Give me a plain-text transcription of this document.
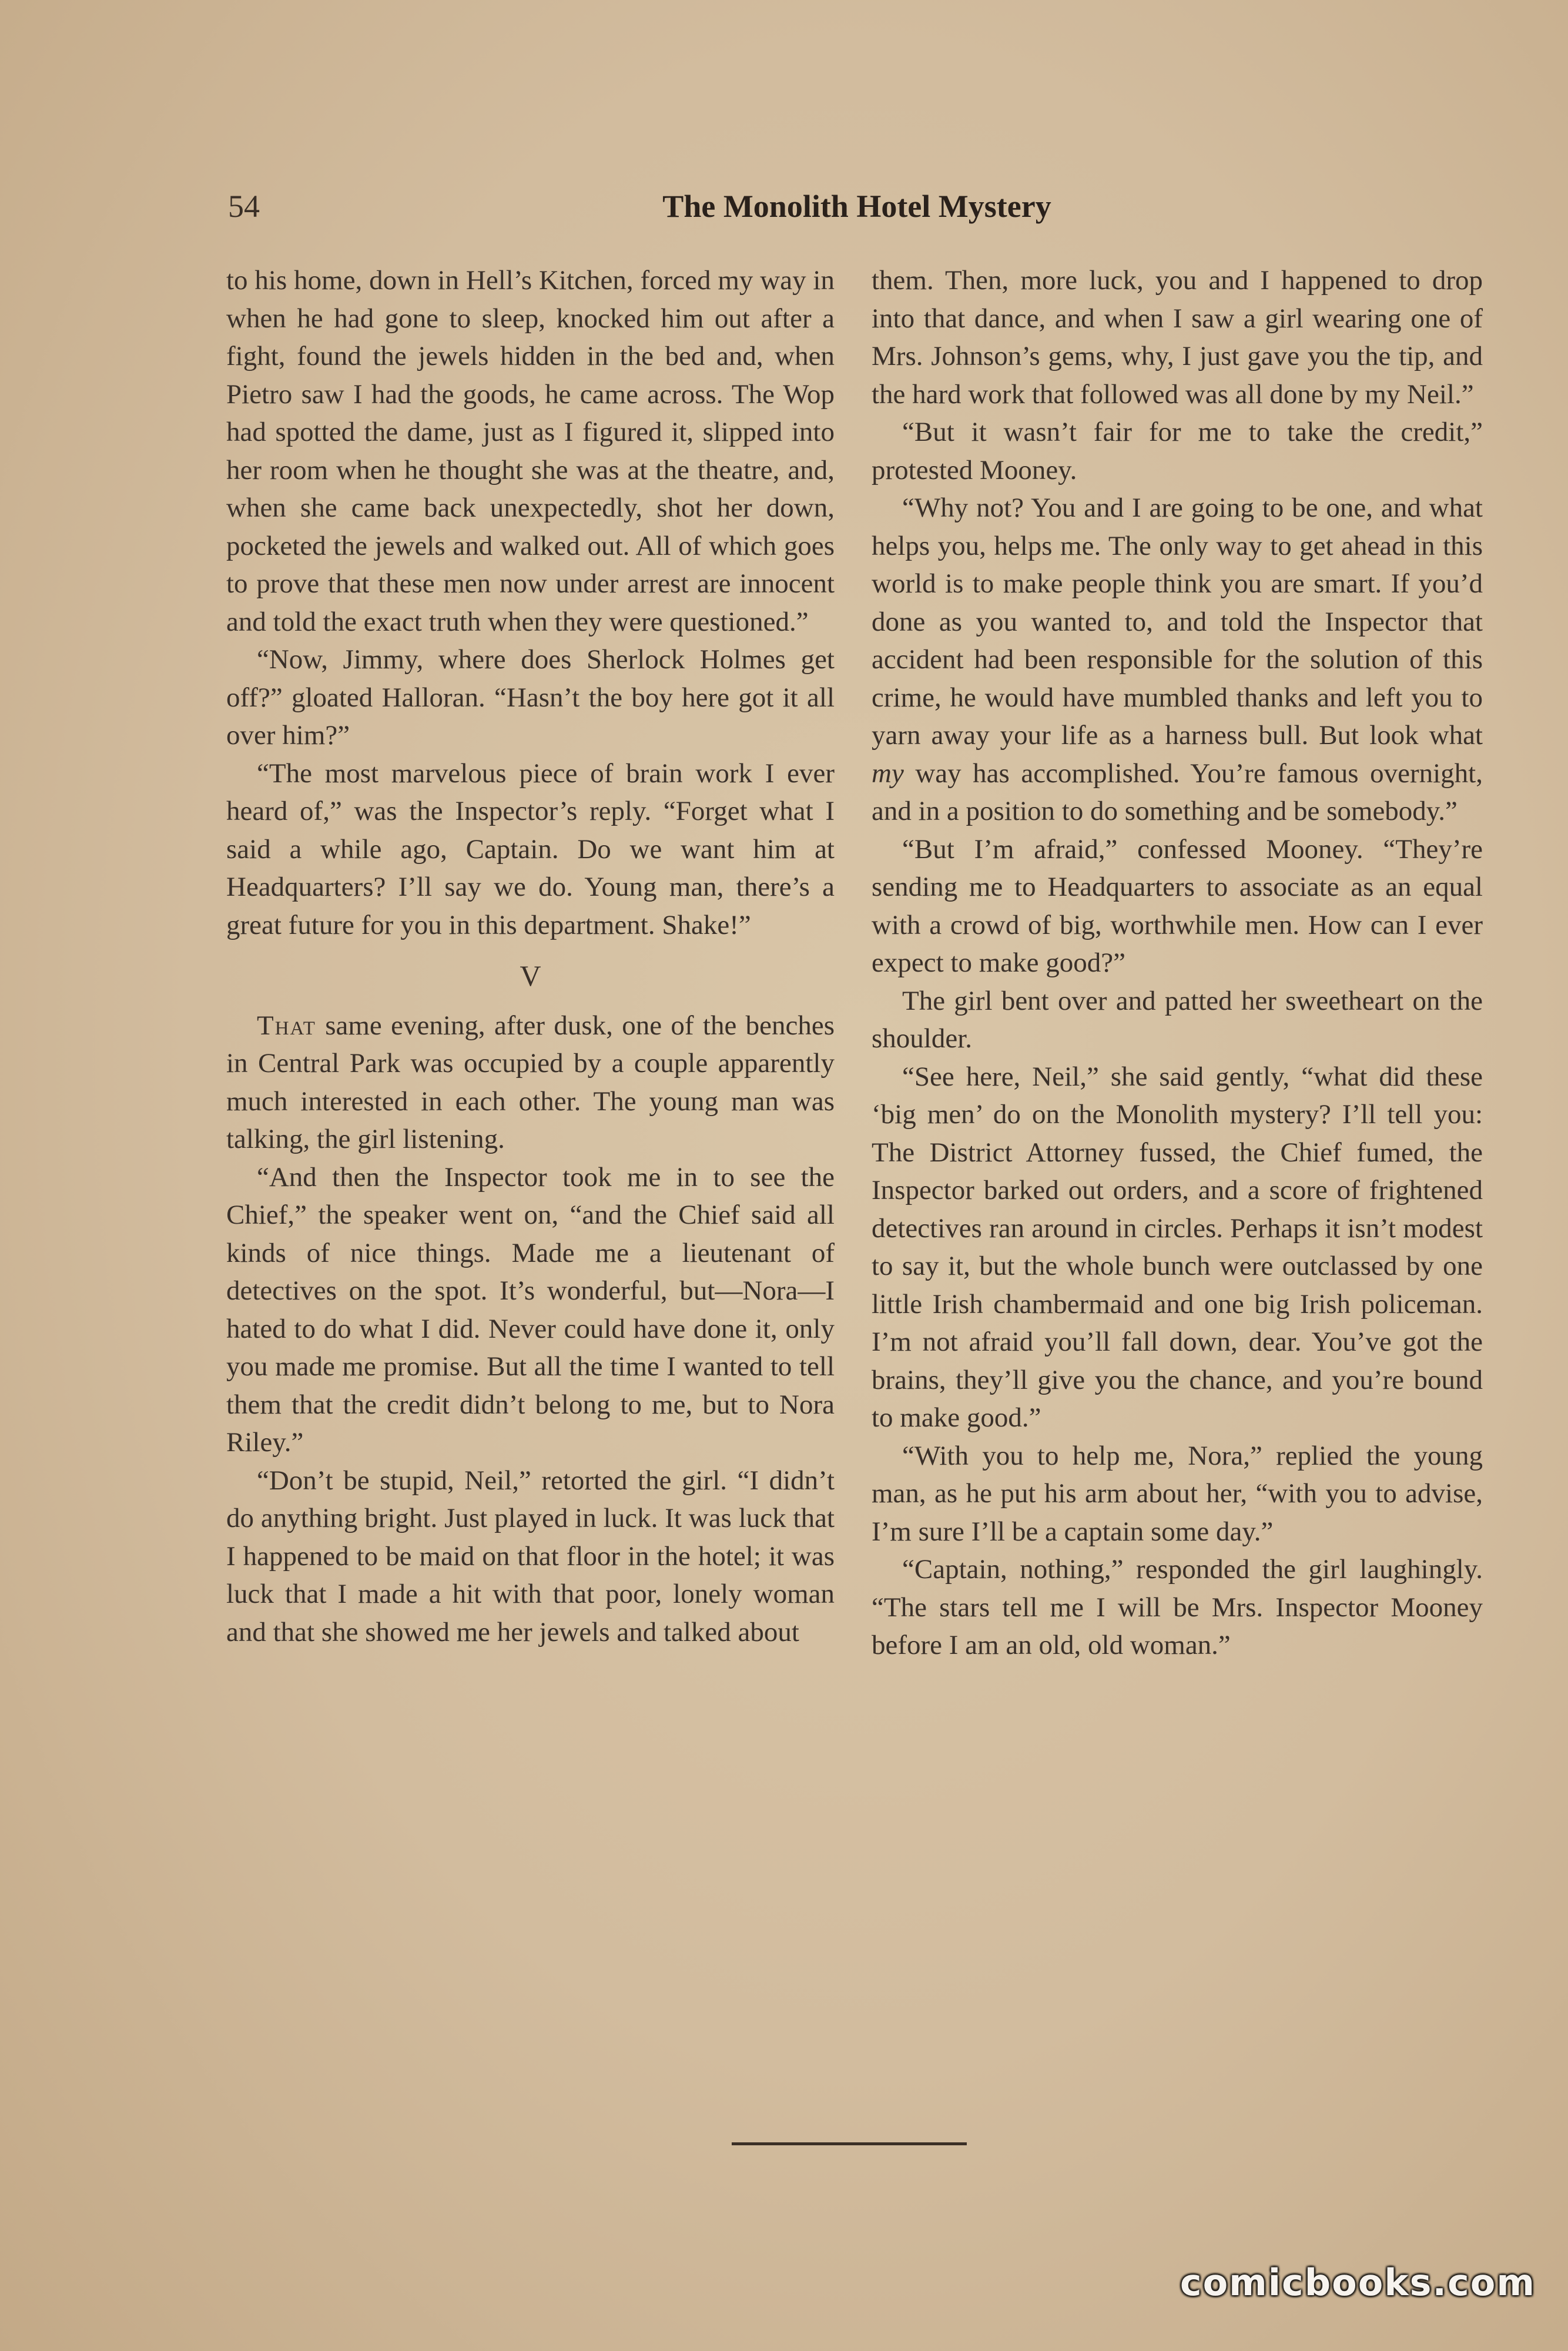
54	The Monolith Hotel Mystery

to his home, down in Hell’s Kitchen, forced my way in when he had gone to sleep, knocked him out after a fight, found the jewels hidden in the bed and, when Pietro saw I had the goods, he came across. The Wop had spotted the dame, just as I figured it, slipped into her room when he thought she was at the theatre, and, when she came back unexpectedly, shot her down, pocketed the jewels and walked out. All of which goes to prove that these men now under arrest are innocent and told the exact truth when they were questioned.”

“Now, Jimmy, where does Sherlock Holmes get off?” gloated Halloran. “Hasn’t the boy here got it all over him?”

“The most marvelous piece of brain work I ever heard of,” was the Inspector’s reply. “Forget what I said a while ago, Captain. Do we want him at Headquarters? I’ll say we do. Young man, there’s a great future for you in this department. Shake!”

V

That same evening, after dusk, one of the benches in Central Park was occupied by a couple apparently much interested in each other. The young man was talking, the girl listening.

“And then the Inspector took me in to see the Chief,” the speaker went on, “and the Chief said all kinds of nice things. Made me a lieutenant of detectives on the spot. It’s wonderful, but—Nora—I hated to do what I did. Never could have done it, only you made me promise. But all the time I wanted to tell them that the credit didn’t belong to me, but to Nora Riley.”

“Don’t be stupid, Neil,” retorted the girl. “I didn’t do anything bright. Just played in luck. It was luck that I happened to be maid on that floor in the hotel; it was luck that I made a hit with that poor, lonely woman and that she showed me her jewels and talked about

them. Then, more luck, you and I happened to drop into that dance, and when I saw a girl wearing one of Mrs. Johnson’s gems, why, I just gave you the tip, and the hard work that followed was all done by my Neil.”

“But it wasn’t fair for me to take the credit,” protested Mooney.

“Why not? You and I are going to be one, and what helps you, helps me. The only way to get ahead in this world is to make people think you are smart. If you’d done as you wanted to, and told the Inspector that accident had been responsible for the solution of this crime, he would have mumbled thanks and left you to yarn away your life as a harness bull. But look what my way has accomplished. You’re famous overnight, and in a position to do something and be somebody.”

“But I’m afraid,” confessed Mooney. “They’re sending me to Headquarters to associate as an equal with a crowd of big, worthwhile men. How can I ever expect to make good?”

The girl bent over and patted her sweetheart on the shoulder.

“See here, Neil,” she said gently, “what did these ‘big men’ do on the Monolith mystery? I’ll tell you: The District Attorney fussed, the Chief fumed, the Inspector barked out orders, and a score of frightened detectives ran around in circles. Perhaps it isn’t modest to say it, but the whole bunch were outclassed by one little Irish chambermaid and one big Irish policeman. I’m not afraid you’ll fall down, dear. You’ve got the brains, they’ll give you the chance, and you’re bound to make good.”

“With you to help me, Nora,” replied the young man, as he put his arm about her, “with you to advise, I’m sure I’ll be a captain some day.”

“Captain, nothing,” responded the girl laughingly. “The stars tell me I will be Mrs. Inspector Mooney before I am an old, old woman.”

comicbooks.com
